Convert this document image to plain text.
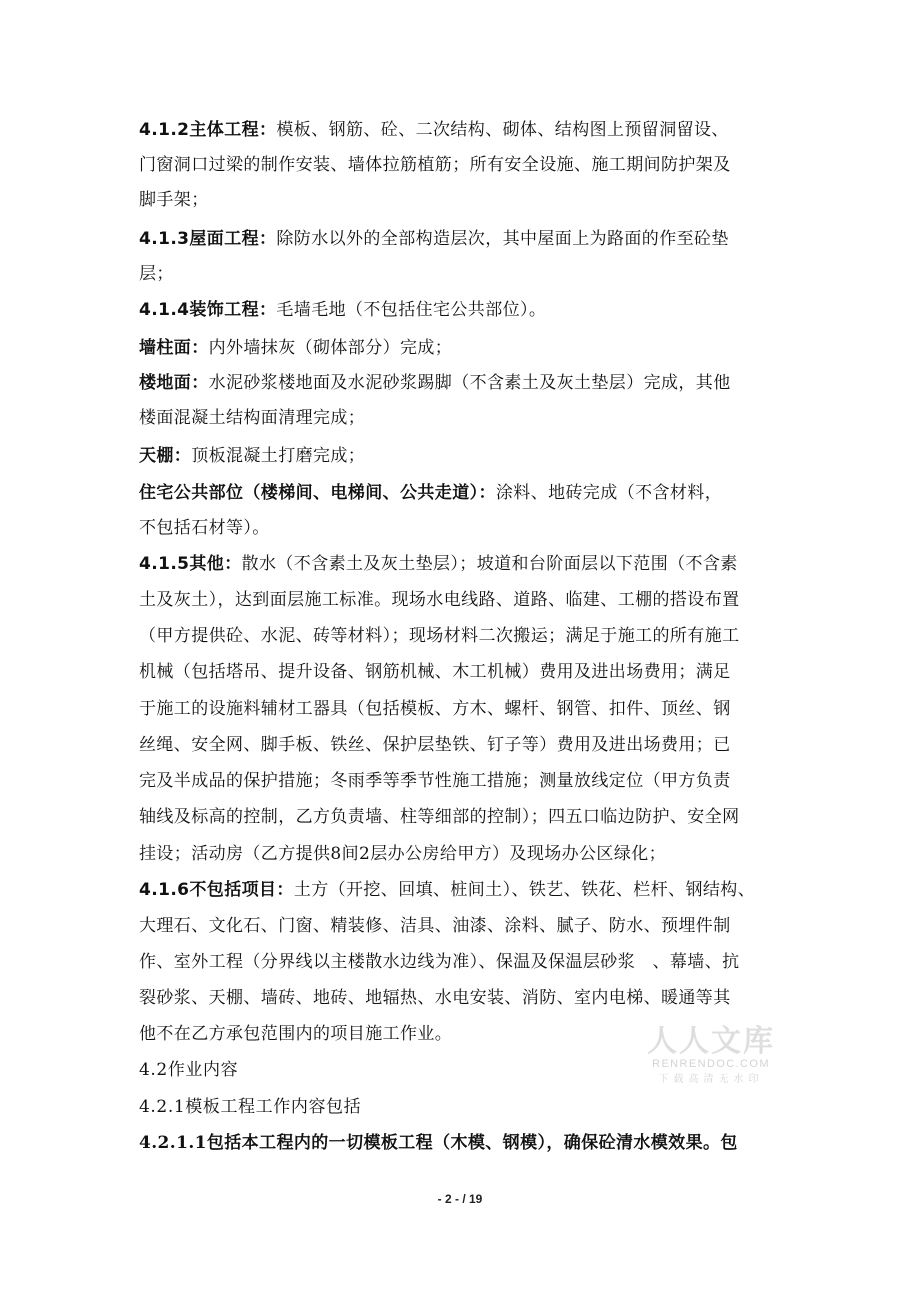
4.1.2主体工程：模板、钢筋、砼、二次结构、砌体、结构图上预留洞留设、
门窗洞口过梁的制作安装、墙体拉筋植筋；所有安全设施、施工期间防护架及
脚手架；
4.1.3屋面工程：除防水以外的全部构造层次，其中屋面上为路面的作至砼垫
层；
4.1.4装饰工程：毛墙毛地（不包括住宅公共部位）。
墙柱面：内外墙抹灰（砌体部分）完成；
楼地面：水泥砂浆楼地面及水泥砂浆踢脚（不含素土及灰土垫层）完成，其他
楼面混凝土结构面清理完成；
天棚：顶板混凝土打磨完成；
住宅公共部位（楼梯间、电梯间、公共走道）：涂料、地砖完成（不含材料，
不包括石材等）。
4.1.5其他：散水（不含素土及灰土垫层）；坡道和台阶面层以下范围（不含素
土及灰土），达到面层施工标准。现场水电线路、道路、临建、工棚的搭设布置
（甲方提供砼、水泥、砖等材料）；现场材料二次搬运；满足于施工的所有施工
机械（包括塔吊、提升设备、钢筋机械、木工机械）费用及进出场费用；满足
于施工的设施料辅材工器具（包括模板、方木、螺杆、钢管、扣件、顶丝、钢
丝绳、安全网、脚手板、铁丝、保护层垫铁、钉子等）费用及进出场费用；已
完及半成品的保护措施；冬雨季等季节性施工措施；测量放线定位（甲方负责
轴线及标高的控制，乙方负责墙、柱等细部的控制）；四五口临边防护、安全网
挂设；活动房（乙方提供8间2层办公房给甲方）及现场办公区绿化；
4.1.6不包括项目：土方（开挖、回填、桩间土）、铁艺、铁花、栏杆、钢结构、
大理石、文化石、门窗、精装修、洁具、油漆、涂料、腻子、防水、预埋件制
作、室外工程（分界线以主楼散水边线为准）、保温及保温层砂浆　、幕墙、抗
裂砂浆、天棚、墙砖、地砖、地辐热、水电安装、消防、室内电梯、暖通等其
他不在乙方承包范围内的项目施工作业。
4.2作业内容
4.2.1模板工程工作内容包括
4.2.1.1包括本工程内的一切模板工程（木模、钢模），确保砼清水模效果。包
人人文库
RENRENDOC.COM
下载高清无水印
- 2 - / 19
